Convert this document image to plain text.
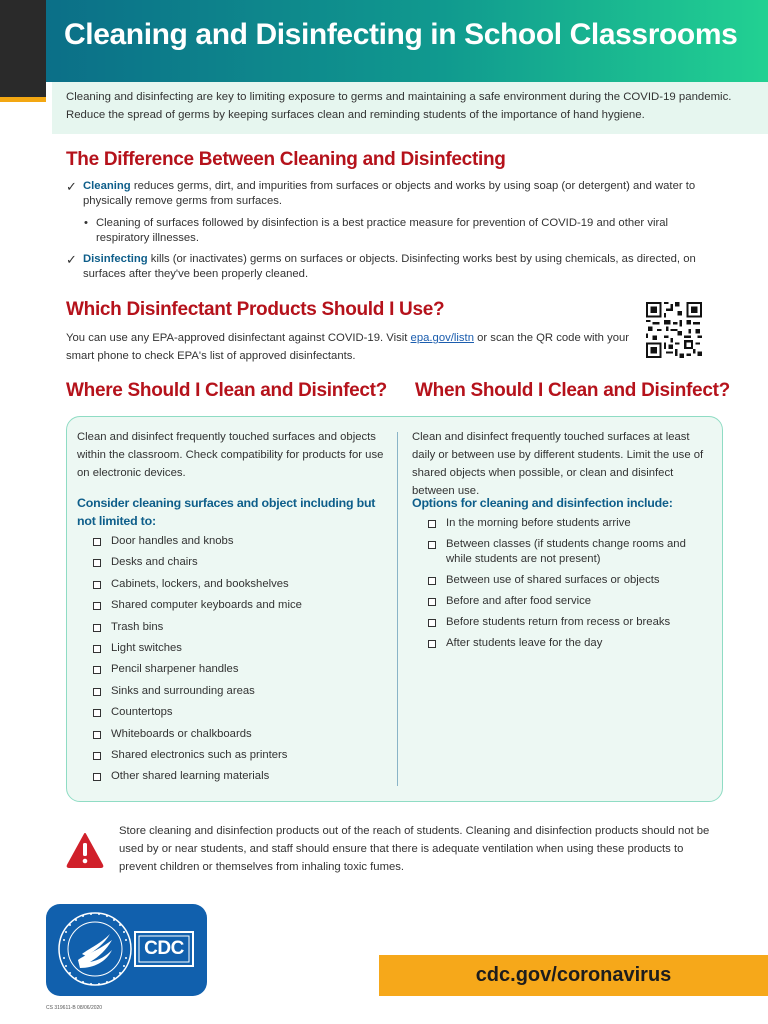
Cleaning and Disinfecting in School Classrooms

Cleaning and disinfecting are key to limiting exposure to germs and maintaining a safe environment during the COVID-19 pandemic. Reduce the spread of germs by keeping surfaces clean and reminding students of the importance of hand hygiene.

The Difference Between Cleaning and Disinfecting
✓ Cleaning reduces germs, dirt, and impurities from surfaces or objects and works by using soap (or detergent) and water to physically remove germs from surfaces.
• Cleaning of surfaces followed by disinfection is a best practice measure for prevention of COVID-19 and other viral respiratory illnesses.
✓ Disinfecting kills (or inactivates) germs on surfaces or objects. Disinfecting works best by using chemicals, as directed, on surfaces after they've been properly cleaned.
Which Disinfectant Products Should I Use?

You can use any EPA-approved disinfectant against COVID-19. Visit epa.gov/listn or scan the QR code with your smart phone to check EPA's list of approved disinfectants.

Where Should I Clean and Disinfect? When Should I Clean and Disinfect?

Clean and disinfect frequently touched surfaces and objects within the classroom. Check compatibility for products for use on electronic devices.

Consider cleaning surfaces and object including but not limited to:

Door handles and knobs
Desks and chairs
Cabinets, lockers, and bookshelves
Shared computer keyboards and mice
Trash bins
Light switches
Pencil sharpener handles
Sinks and surrounding areas
Countertops
Whiteboards or chalkboards
Shared electronics such as printers
Other shared learning materials

Clean and disinfect frequently touched surfaces at least daily or between use by different students. Limit the use of shared objects when possible, or clean and disinfect between use.

Options for cleaning and disinfection include:

In the morning before students arrive
Between classes (if students change rooms and while students are not present)
Between use of shared surfaces or objects
Before and after food service
Before students return from recess or breaks
After students leave for the day

Store cleaning and disinfection products out of the reach of students. Cleaning and disinfection products should not be used by or near students, and staff should ensure that there is adequate ventilation when using these products to prevent children or themselves from inhaling toxic fumes.

CDC
cdc.gov/coronavirus
CS 319611-B 08/06/2020
